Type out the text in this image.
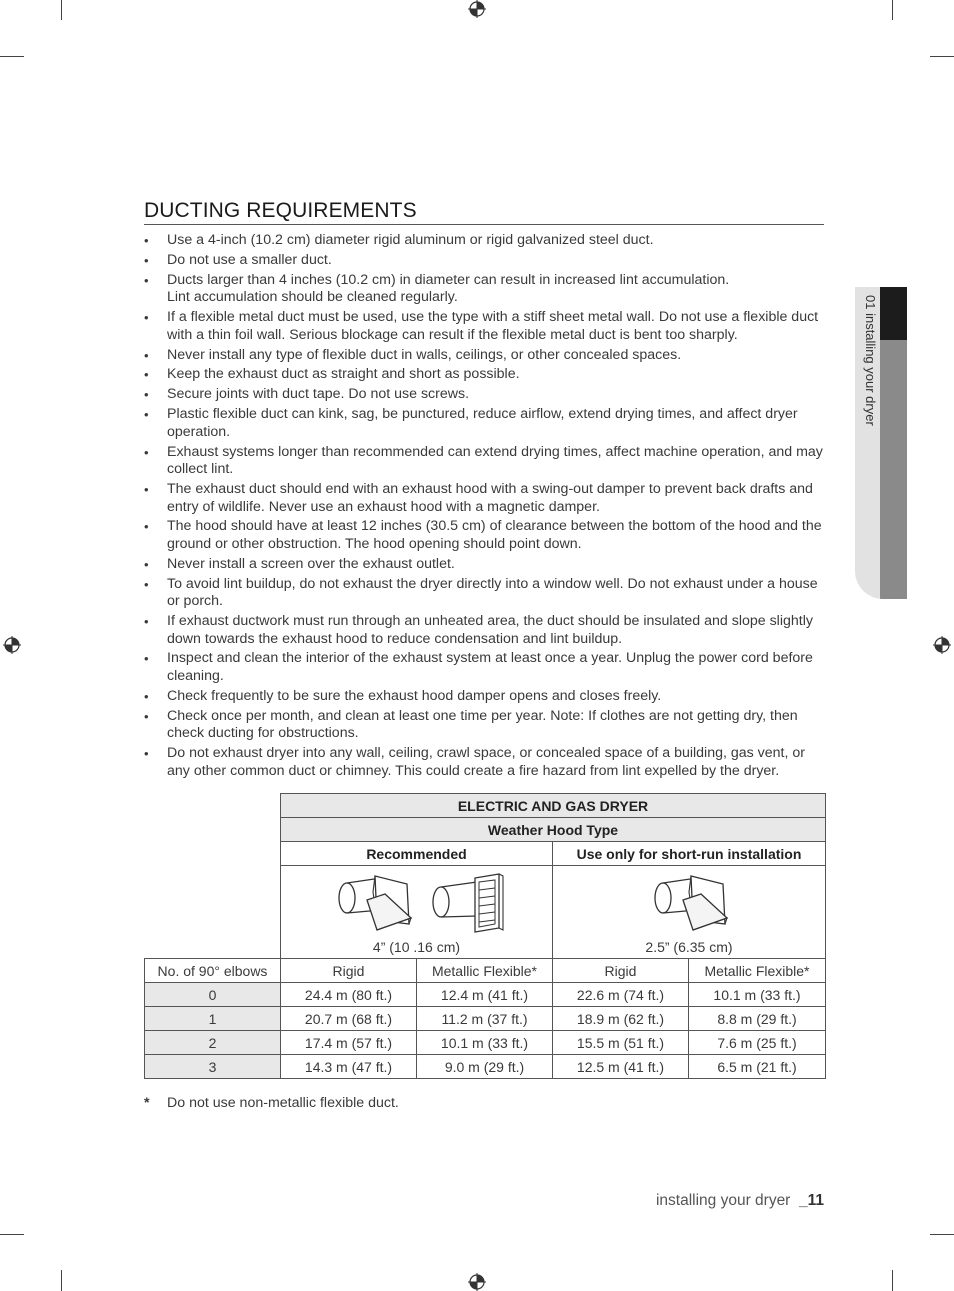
01 installing your dryer
DUCTING REQUIREMENTS
• Use a 4-inch (10.2 cm) diameter rigid aluminum or rigid galvanized steel duct.
• Do not use a smaller duct.
• Ducts larger than 4 inches (10.2 cm) in diameter can result in increased lint accumulation.
Lint accumulation should be cleaned regularly.
• If a flexible metal duct must be used, use the type with a stiff sheet metal wall. Do not use a flexible duct with a thin foil wall. Serious blockage can result if the flexible metal duct is bent too sharply.
• Never install any type of flexible duct in walls, ceilings, or other concealed spaces.
• Keep the exhaust duct as straight and short as possible.
• Secure joints with duct tape. Do not use screws.
• Plastic flexible duct can kink, sag, be punctured, reduce airflow, extend drying times, and affect dryer operation.
• Exhaust systems longer than recommended can extend drying times, affect machine operation, and may collect lint.
• The exhaust duct should end with an exhaust hood with a swing-out damper to prevent back drafts and entry of wildlife. Never use an exhaust hood with a magnetic damper.
• The hood should have at least 12 inches (30.5 cm) of clearance between the bottom of the hood and the ground or other obstruction. The hood opening should point down.
• Never install a screen over the exhaust outlet.
• To avoid lint buildup, do not exhaust the dryer directly into a window well. Do not exhaust under a house or porch.
• If exhaust ductwork must run through an unheated area, the duct should be insulated and slope slightly down towards the exhaust hood to reduce condensation and lint buildup.
• Inspect and clean the interior of the exhaust system at least once a year. Unplug the power cord before cleaning.
• Check frequently to be sure the exhaust hood damper opens and closes freely.
• Check once per month, and clean at least one time per year. Note: If clothes are not getting dry, then check ducting for obstructions.
• Do not exhaust dryer into any wall, ceiling, crawl space, or concealed space of a building, gas vent, or any other common duct or chimney. This could create a fire hazard from lint expelled by the dryer.
	ELECTRIC AND GAS DRYER			
	Weather Hood Type			
	Recommended		Use only for short-run installation	

	4” (10 .16 cm)		2.5” (6.35 cm)	

No. of 90° elbows	Rigid	Metallic Flexible*	Rigid	Metallic Flexible*
0	24.4 m (80 ft.)	12.4 m (41 ft.)	22.6 m (74 ft.)	10.1 m (33 ft.)
1	20.7 m (68 ft.)	11.2 m (37 ft.)	18.9 m (62 ft.)	8.8 m (29 ft.)
2	17.4 m (57 ft.)	10.1 m (33 ft.)	15.5 m (51 ft.)	7.6 m (25 ft.)
3	14.3 m (47 ft.)	9.0 m (29 ft.)	12.5 m (41 ft.)	6.5 m (21 ft.)
* Do not use non-metallic flexible duct.
installing your dryer _11
